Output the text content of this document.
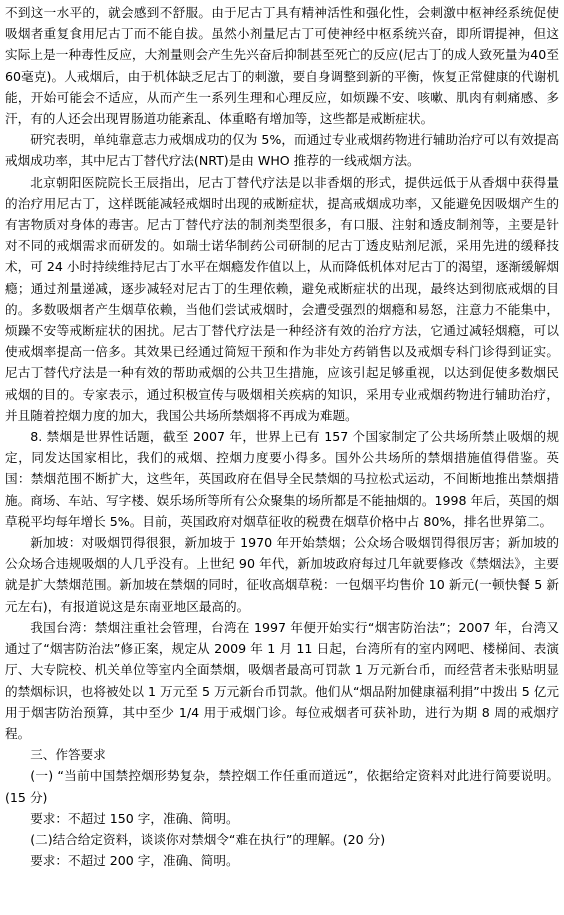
不到这一水平的，就会感到不舒服。由于尼古丁具有精神活性和强化性，会刺激中枢神经系统促使吸烟者重复食用尼古丁而不能自拔。虽然小剂量尼古丁可使神经中枢系统兴奋，即所谓提神，但这实际上是一种毒性反应，大剂量则会产生先兴奋后抑制甚至死亡的反应(尼古丁的成人致死量为40至60毫克)。人戒烟后，由于机体缺乏尼古丁的刺激，要自身调整到新的平衡，恢复正常健康的代谢机能，开始可能会不适应，从而产生一系列生理和心理反应，如烦躁不安、咳嗽、肌肉有刺痛感、多汗，有的人还会出现胃肠道功能紊乱、体重略有增加等，这些都是戒断症状。

研究表明，单纯靠意志力戒烟成功的仅为 5%，而通过专业戒烟药物进行辅助治疗可以有效提高戒烟成功率，其中尼古丁替代疗法(NRT)是由 WHO 推荐的一线戒烟方法。

北京朝阳医院院长王辰指出，尼古丁替代疗法是以非香烟的形式，提供远低于从香烟中获得量的治疗用尼古丁，这样既能减轻戒烟时出现的戒断症状，提高戒烟成功率，又能避免因吸烟产生的有害物质对身体的毒害。尼古丁替代疗法的制剂类型很多，有口服、注射和透皮制剂等，主要是针对不同的戒烟需求而研发的。如瑞士诺华制药公司研制的尼古丁透皮贴剂尼派，采用先进的缓释技术，可 24 小时持续维持尼古丁水平在烟瘾发作值以上，从而降低机体对尼古丁的渴望，逐渐缓解烟瘾；通过剂量递减，逐步减轻对尼古丁的生理依赖，避免戒断症状的出现，最终达到彻底戒烟的目的。多数吸烟者产生烟草依赖，当他们尝试戒烟时，会遭受强烈的烟瘾和易怒，注意力不能集中，烦躁不安等戒断症状的困扰。尼古丁替代疗法是一种经济有效的治疗方法，它通过减轻烟瘾，可以使戒烟率提高一倍多。其效果已经通过简短干预和作为非处方药销售以及戒烟专科门诊得到证实。尼古丁替代疗法是一种有效的帮助戒烟的公共卫生措施，应该引起足够重视，以达到促使多数烟民戒烟的目的。专家表示，通过积极宣传与吸烟相关疾病的知识，采用专业戒烟药物进行辅助治疗，并且随着控烟力度的加大，我国公共场所禁烟将不再成为难题。

8. 禁烟是世界性话题，截至 2007 年，世界上已有 157 个国家制定了公共场所禁止吸烟的规定，同发达国家相比，我们的戒烟、控烟力度要小得多。国外公共场所的禁烟措施值得借鉴。英国：禁烟范围不断扩大，这些年，英国政府在倡导全民禁烟的马拉松式运动，不间断地推出禁烟措施。商场、车站、写字楼、娱乐场所等所有公众聚集的场所都是不能抽烟的。1998 年后，英国的烟草税平均每年增长 5%。目前，英国政府对烟草征收的税费在烟草价格中占 80%，排名世界第二。

新加坡：对吸烟罚得很狠，新加坡于 1970 年开始禁烟；公众场合吸烟罚得很厉害；新加坡的公众场合违规吸烟的人几乎没有。上世纪 90 年代，新加坡政府每过几年就要修改《禁烟法》，主要就是扩大禁烟范围。新加坡在禁烟的同时，征收高烟草税：一包烟平均售价 10 新元(一顿快餐 5 新元左右)，有报道说这是东南亚地区最高的。

我国台湾：禁烟注重社会管理，台湾在 1997 年便开始实行“烟害防治法”；2007 年，台湾又通过了“烟害防治法”修正案，规定从 2009 年 1 月 11 日起，台湾所有的室内网吧、楼梯间、表演厅、大专院校、机关单位等室内全面禁烟，吸烟者最高可罚款 1 万元新台币，而经营者未张贴明显的禁烟标识，也将被处以 1 万元至 5 万元新台币罚款。他们从“烟品附加健康福利捐”中拨出 5 亿元用于烟害防治预算，其中至少 1/4 用于戒烟门诊。每位戒烟者可获补助，进行为期 8 周的戒烟疗程。

三、作答要求

(一) “当前中国禁控烟形势复杂，禁控烟工作任重而道远”，依据给定资料对此进行简要说明。(15 分)

要求：不超过 150 字，准确、简明。

(二)结合给定资料，谈谈你对禁烟令“难在执行”的理解。(20 分)

要求：不超过 200 字，准确、简明。
